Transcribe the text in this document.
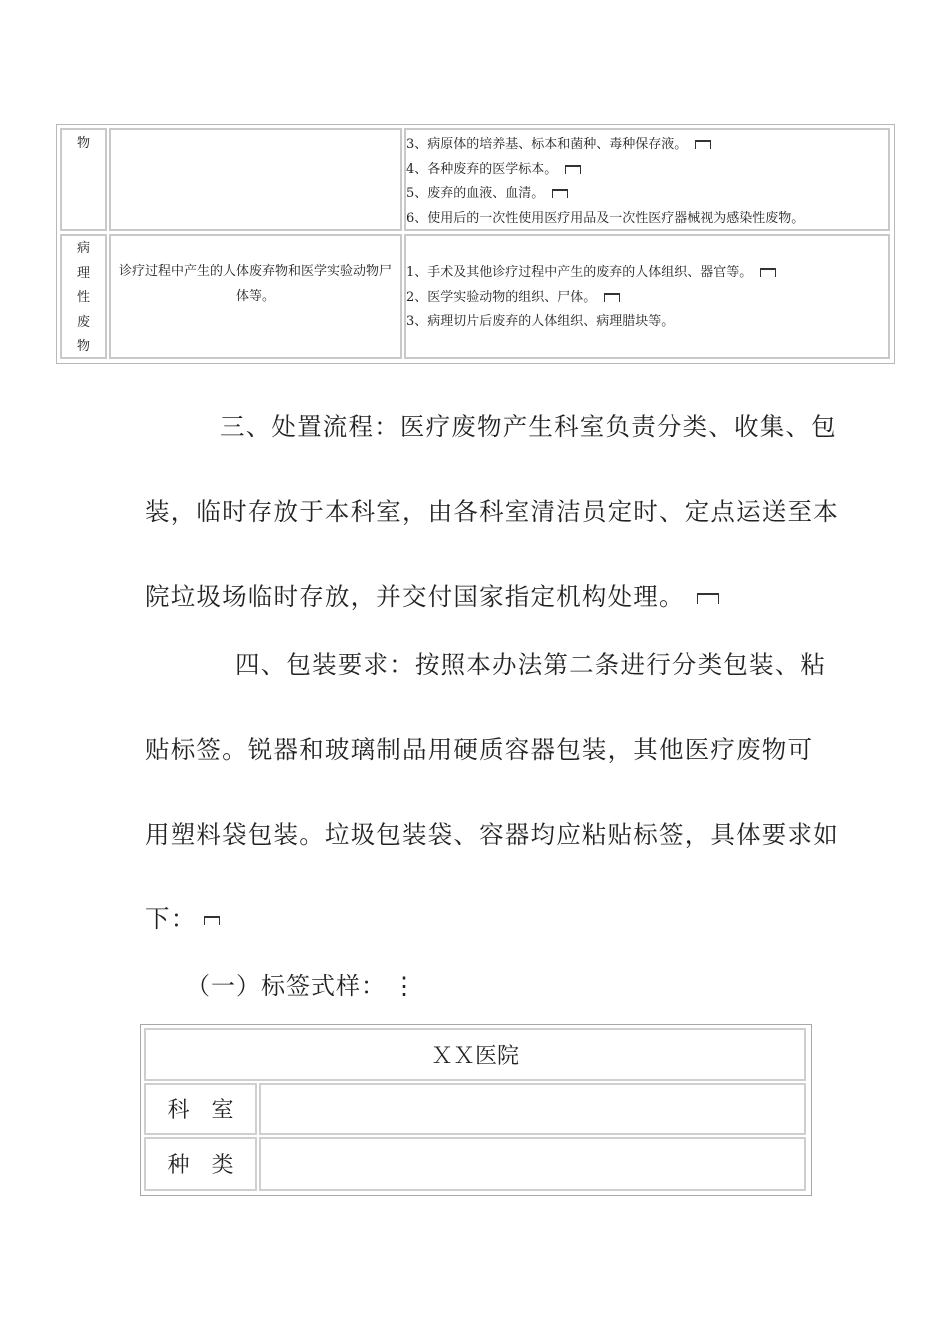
物	3、病原体的培养基、标本和菌种、毒种保存液。
4、各种废弃的医学标本。
5、废弃的血液、血清。
6、使用后的一次性使用医疗用品及一次性医疗器械视为感染性废物。
病
理
性
废
物
诊疗过程中产生的人体废弃物和医学实验动物尸体等。
1、手术及其他诊疗过程中产生的废弃的人体组织、器官等。
2、医学实验动物的组织、尸体。
3、病理切片后废弃的人体组织、病理腊块等。
三、处置流程：医疗废物产生科室负责分类、收集、包
装，临时存放于本科室，由各科室清洁员定时、定点运送至本
院垃圾场临时存放，并交付国家指定机构处理。
四、包装要求：按照本办法第二条进行分类包装、粘
贴标签。锐器和玻璃制品用硬质容器包装，其他医疗废物可
用塑料袋包装。垃圾包装袋、容器均应粘贴标签，具体要求如
下：
（一）标签式样： ⋮
ＸＸ医院
科　室
种　类
